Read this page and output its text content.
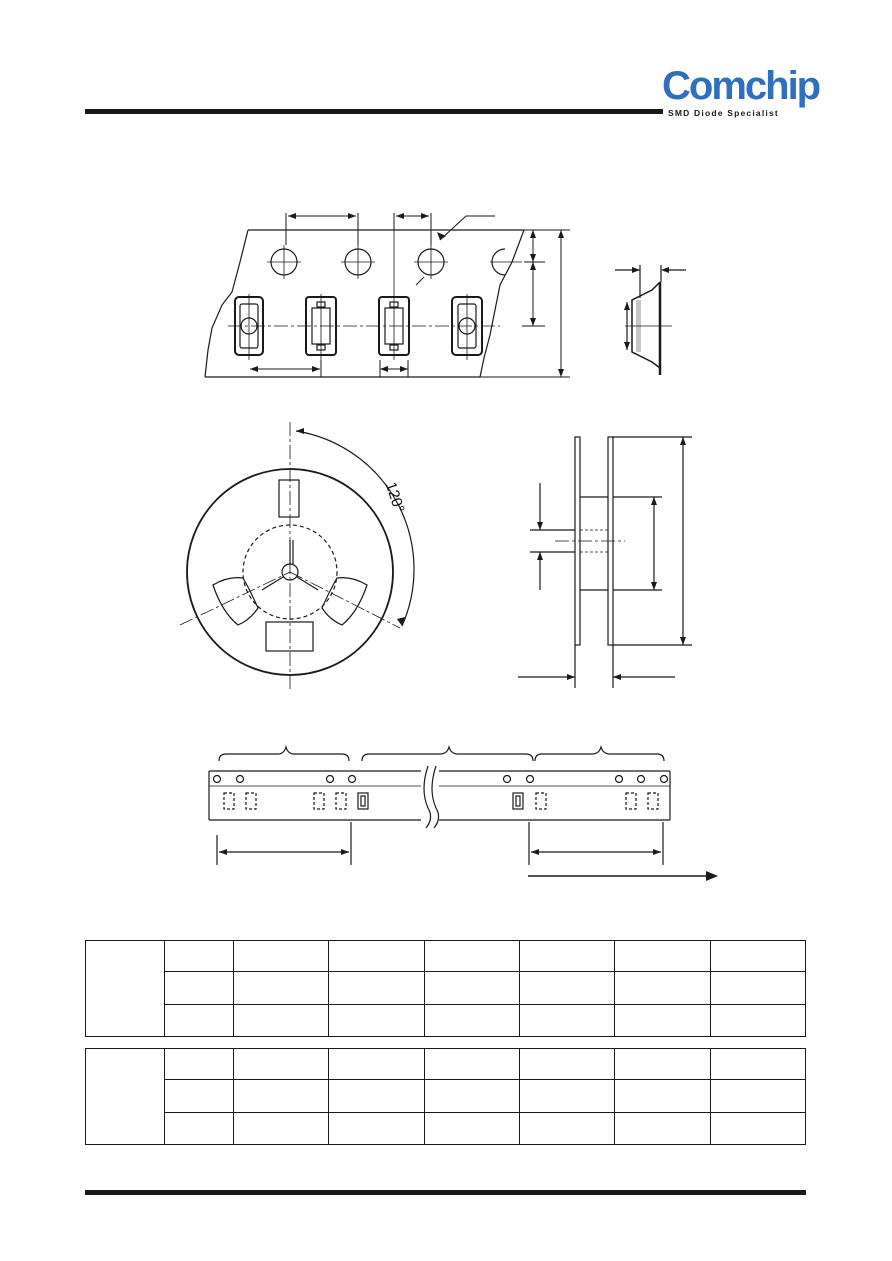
Comchip
SMD Diode Specialist
120°
